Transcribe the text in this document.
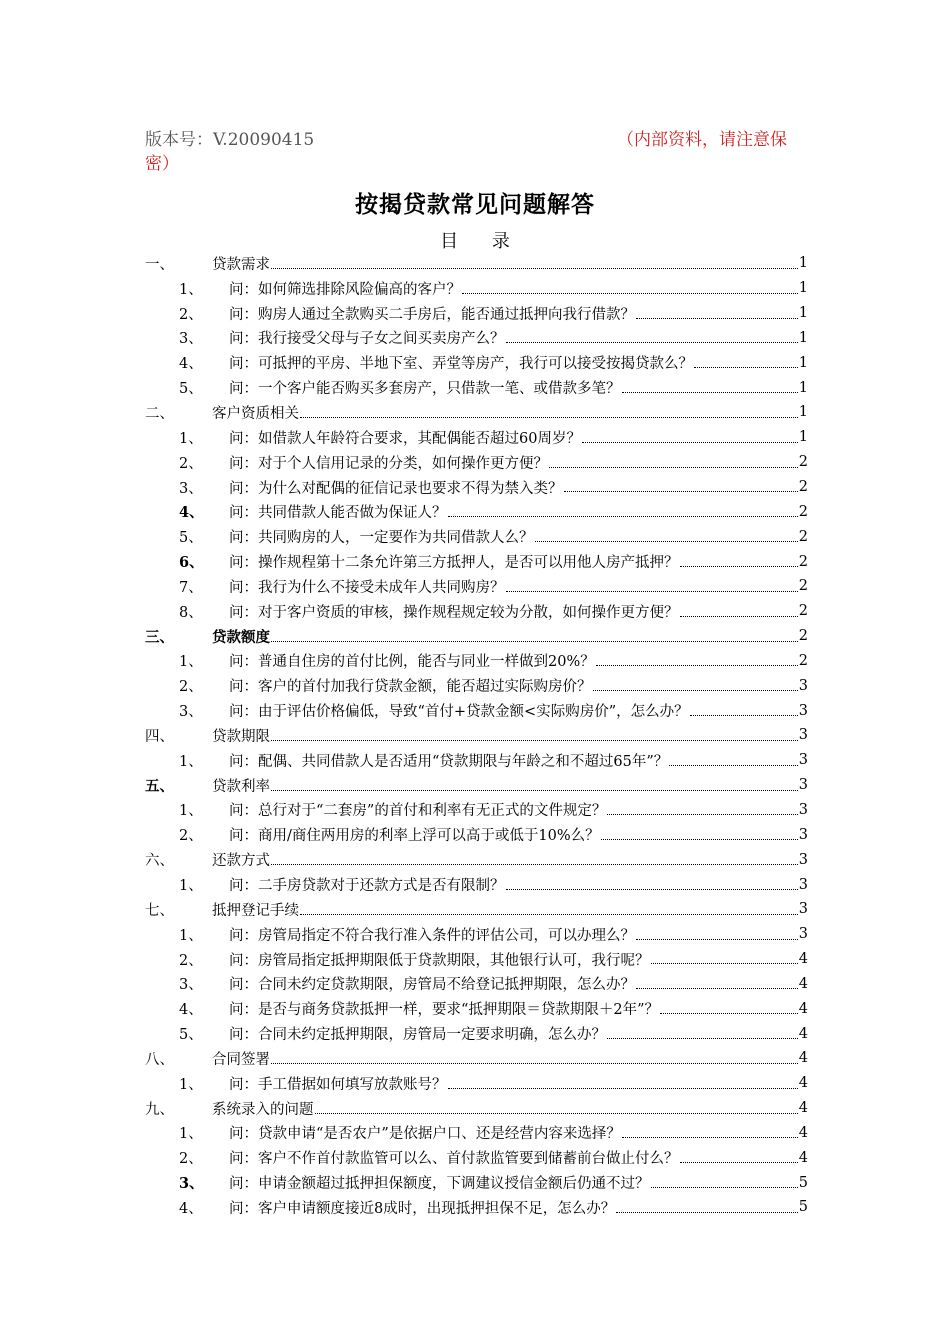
版本号：V.20090415	（内部资料，请注意保
密）
按揭贷款常见问题解答
目 录
一、	贷款需求	1
1、	问：如何筛选排除风险偏高的客户？	1
2、	问：购房人通过全款购买二手房后，能否通过抵押向我行借款？	1
3、	问：我行接受父母与子女之间买卖房产么？	1
4、	问：可抵押的平房、半地下室、弄堂等房产，我行可以接受按揭贷款么？	1
5、	问：一个客户能否购买多套房产，只借款一笔、或借款多笔？	1
二、	客户资质相关	1
1、	问：如借款人年龄符合要求，其配偶能否超过60周岁？	1
2、	问：对于个人信用记录的分类，如何操作更方便？	2
3、	问：为什么对配偶的征信记录也要求不得为禁入类？	2
4、	问：共同借款人能否做为保证人？	2
5、	问：共同购房的人，一定要作为共同借款人么？	2
6、	问：操作规程第十二条允许第三方抵押人，是否可以用他人房产抵押？	2
7、	问：我行为什么不接受未成年人共同购房？	2
8、	问：对于客户资质的审核，操作规程规定较为分散，如何操作更方便？	2
三、	贷款额度	2
1、	问：普通自住房的首付比例，能否与同业一样做到20%？	2
2、	问：客户的首付加我行贷款金额，能否超过实际购房价？	3
3、	问：由于评估价格偏低，导致“首付+贷款金额<实际购房价”，怎么办？	3
四、	贷款期限	3
1、	问：配偶、共同借款人是否适用“贷款期限与年龄之和不超过65年”？	3
五、	贷款利率	3
1、	问：总行对于“二套房”的首付和利率有无正式的文件规定？	3
2、	问：商用/商住两用房的利率上浮可以高于或低于10%么？	3
六、	还款方式	3
1、	问：二手房贷款对于还款方式是否有限制？	3
七、	抵押登记手续	3
1、	问：房管局指定不符合我行准入条件的评估公司，可以办理么？	3
2、	问：房管局指定抵押期限低于贷款期限，其他银行认可，我行呢？	4
3、	问：合同未约定贷款期限，房管局不给登记抵押期限，怎么办？	4
4、	问：是否与商务贷款抵押一样，要求“抵押期限＝贷款期限＋2年”？	4
5、	问：合同未约定抵押期限，房管局一定要求明确，怎么办？	4
八、	合同签署	4
1、	问：手工借据如何填写放款账号？	4
九、	系统录入的问题	4
1、	问：贷款申请“是否农户”是依据户口、还是经营内容来选择？	4
2、	问：客户不作首付款监管可以么、首付款监管要到储蓄前台做止付么？	4
3、	问：申请金额超过抵押担保额度，下调建议授信金额后仍通不过？	5
4、	问：客户申请额度接近8成时，出现抵押担保不足，怎么办？	5
